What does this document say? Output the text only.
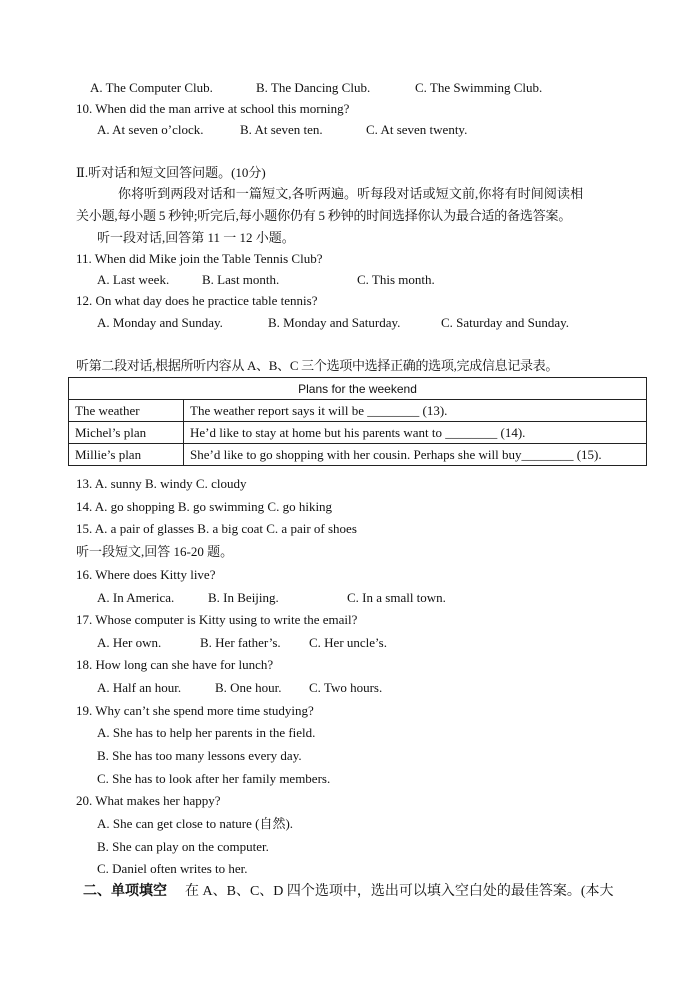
A. The Computer Club.	B. The Dancing Club.	C. The Swimming Club.
10. When did the man arrive at school this morning?
A. At seven o’clock.	B. At seven ten.	C. At seven twenty.
Ⅱ.听对话和短文回答问题。(10分)
你将听到两段对话和一篇短文,各听两遍。听每段对话或短文前,你将有时间阅读相
关小题,每小题 5 秒钟;听完后,每小题你仍有 5 秒钟的时间选择你认为最合适的备选答案。
听一段对话,回答第 11 一 12 小题。
11. When did Mike join the Table Tennis Club?
A. Last week.	B. Last month.	C. This month.
12. On what day does he practice table tennis?
A. Monday and Sunday.	B. Monday and Saturday.	C. Saturday and Sunday.
听第二段对话,根据所听内容从 A、B、C 三个选项中选择正确的选项,完成信息记录表。
Plans for the weekend	
The weather	The weather report says it will be ________ (13).
Michel’s plan	He’d like to stay at home but his parents want to ________ (14).
Millie’s plan	She’d like to go shopping with her cousin. Perhaps she will buy________ (15).
13. A. sunny B. windy C. cloudy
14. A. go shopping B. go swimming C. go hiking
15. A. a pair of glasses B. a big coat C. a pair of shoes
听一段短文,回答 16-20 题。
16. Where does Kitty live?
A. In America.	B. In Beijing.	C. In a small town.
17. Whose computer is Kitty using to write the email?
A. Her own.	B. Her father’s. C. Her uncle’s.
18. How long can she have for lunch?
A. Half an hour.	B. One hour. C. Two hours.
19. Why can’t she spend more time studying?
A. She has to help her parents in the field.
B. She has too many lessons every day.
C. She has to look after her family members.
20. What makes her happy?
A. She can get close to nature (自然).
B. She can play on the computer.
C. Daniel often writes to her.
二、单项填空 在 A、B、C、D 四个选项中，选出可以填入空白处的最佳答案。(本大
